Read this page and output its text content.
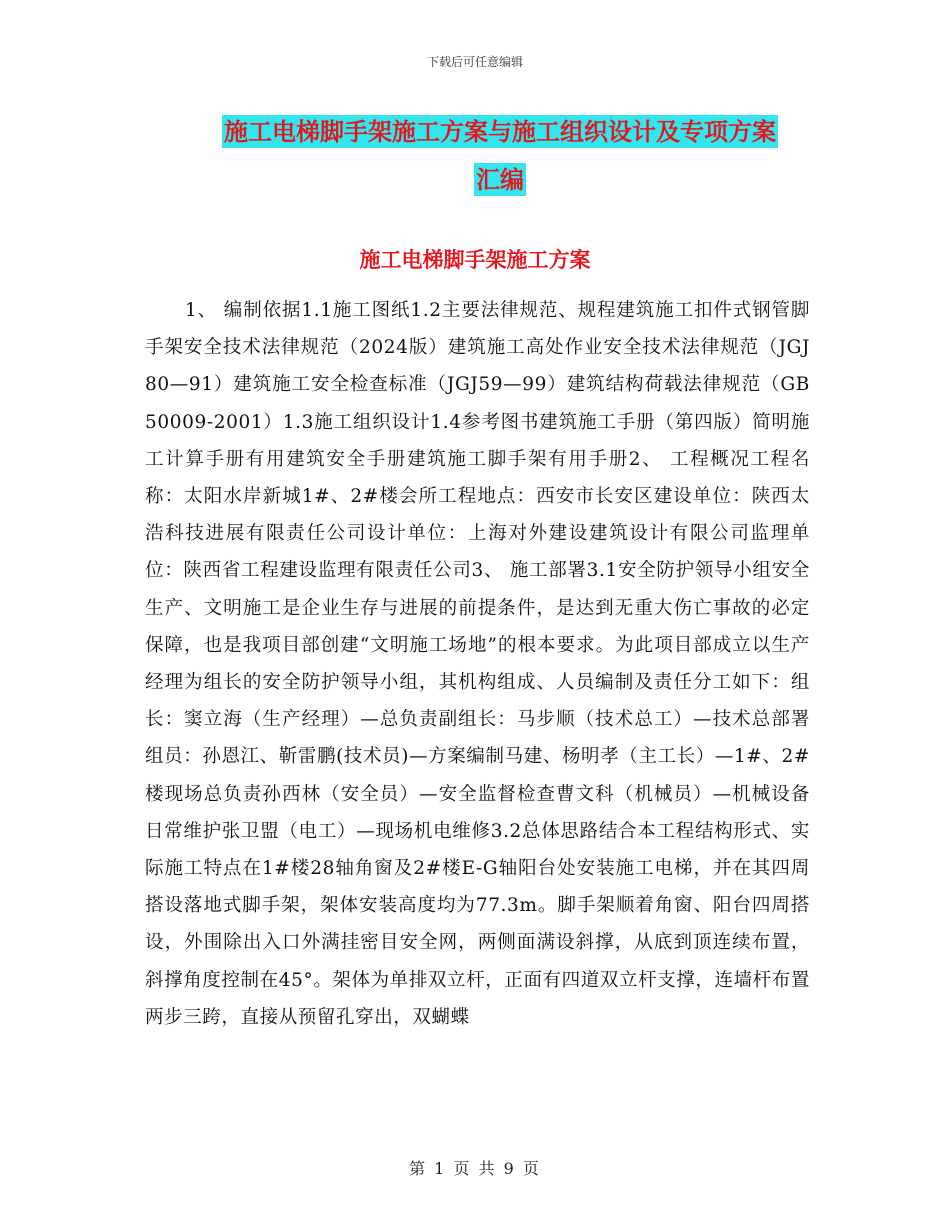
下载后可任意编辑
施工电梯脚手架施工方案与施工组织设计及专项方案
汇编
施工电梯脚手架施工方案

1、 编制依据1.1施工图纸1.2主要法律规范、规程建筑施工扣件式钢管脚手架安全技术法律规范（2024版）建筑施工高处作业安全技术法律规范（JGJ80—91）建筑施工安全检查标准（JGJ59—99）建筑结构荷载法律规范（GB50009-2001）1.3施工组织设计1.4参考图书建筑施工手册（第四版）简明施工计算手册有用建筑安全手册建筑施工脚手架有用手册2、 工程概况工程名称：太阳水岸新城1#、2#楼会所工程地点：西安市长安区建设单位：陕西太浩科技进展有限责任公司设计单位：上海对外建设建筑设计有限公司监理单位：陕西省工程建设监理有限责任公司3、 施工部署3.1安全防护领导小组安全生产、文明施工是企业生存与进展的前提条件，是达到无重大伤亡事故的必定保障，也是我项目部创建“文明施工场地”的根本要求。为此项目部成立以生产经理为组长的安全防护领导小组，其机构组成、人员编制及责任分工如下：组长：窦立海（生产经理）—总负责副组长：马步顺（技术总工）—技术总部署组员：孙恩江、靳雷鹏(技术员)—方案编制马建、杨明孝（主工长）—1#、2#楼现场总负责孙西林（安全员）—安全监督检查曹文科（机械员）—机械设备日常维护张卫盟（电工）—现场机电维修3.2总体思路结合本工程结构形式、实际施工特点在1#楼28轴角窗及2#楼E-G轴阳台处安装施工电梯，并在其四周搭设落地式脚手架，架体安装高度均为77.3m。脚手架顺着角窗、阳台四周搭设，外围除出入口外满挂密目安全网，两侧面满设斜撑，从底到顶连续布置，斜撑角度控制在45°。架体为单排双立杆，正面有四道双立杆支撑，连墙杆布置两步三跨，直接从预留孔穿出，双蝴蝶

第 1 页 共 9 页
